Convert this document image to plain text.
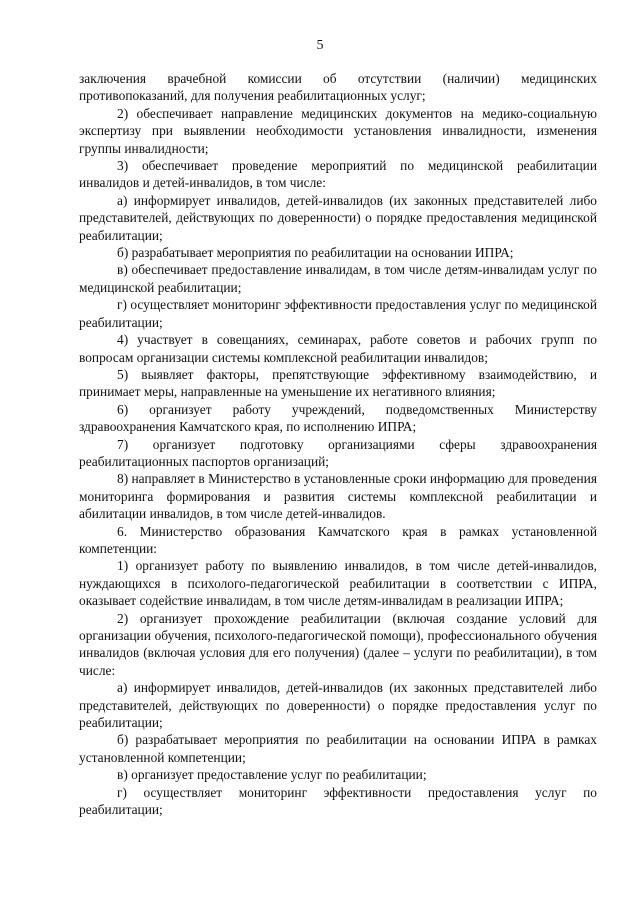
5

заключения врачебной комиссии об отсутствии (наличии) медицинских противопоказаний, для получения реабилитационных услуг;

2) обеспечивает направление медицинских документов на медико-социальную экспертизу при выявлении необходимости установления инвалидности, изменения группы инвалидности;

3) обеспечивает проведение мероприятий по медицинской реабилитации инвалидов и детей-инвалидов, в том числе:

а) информирует инвалидов, детей-инвалидов (их законных представителей либо представителей, действующих по доверенности) о порядке предоставления медицинской реабилитации;

б) разрабатывает мероприятия по реабилитации на основании ИПРА;

в) обеспечивает предоставление инвалидам, в том числе детям-инвалидам услуг по медицинской реабилитации;

г) осуществляет мониторинг эффективности предоставления услуг по медицинской реабилитации;

4) участвует в совещаниях, семинарах, работе советов и рабочих групп по вопросам организации системы комплексной реабилитации инвалидов;

5) выявляет факторы, препятствующие эффективному взаимодействию, и принимает меры, направленные на уменьшение их негативного влияния;

6) организует работу учреждений, подведомственных Министерству здравоохранения Камчатского края, по исполнению ИПРА;

7) организует подготовку организациями сферы здравоохранения реабилитационных паспортов организаций;

8) направляет в Министерство в установленные сроки информацию для проведения мониторинга формирования и развития системы комплексной реабилитации и абилитации инвалидов, в том числе детей-инвалидов.

6. Министерство образования Камчатского края в рамках установленной компетенции:

1) организует работу по выявлению инвалидов, в том числе детей-инвалидов, нуждающихся в психолого-педагогической реабилитации в соответствии с ИПРА, оказывает содействие инвалидам, в том числе детям-инвалидам в реализации ИПРА;

2) организует прохождение реабилитации (включая создание условий для организации обучения, психолого-педагогической помощи), профессионального обучения инвалидов (включая условия для его получения) (далее – услуги по реабилитации), в том числе:

а) информирует инвалидов, детей-инвалидов (их законных представителей либо представителей, действующих по доверенности) о порядке предоставления услуг по реабилитации;

б) разрабатывает мероприятия по реабилитации на основании ИПРА в рамках установленной компетенции;

в) организует предоставление услуг по реабилитации;

г) осуществляет мониторинг эффективности предоставления услуг по реабилитации;
